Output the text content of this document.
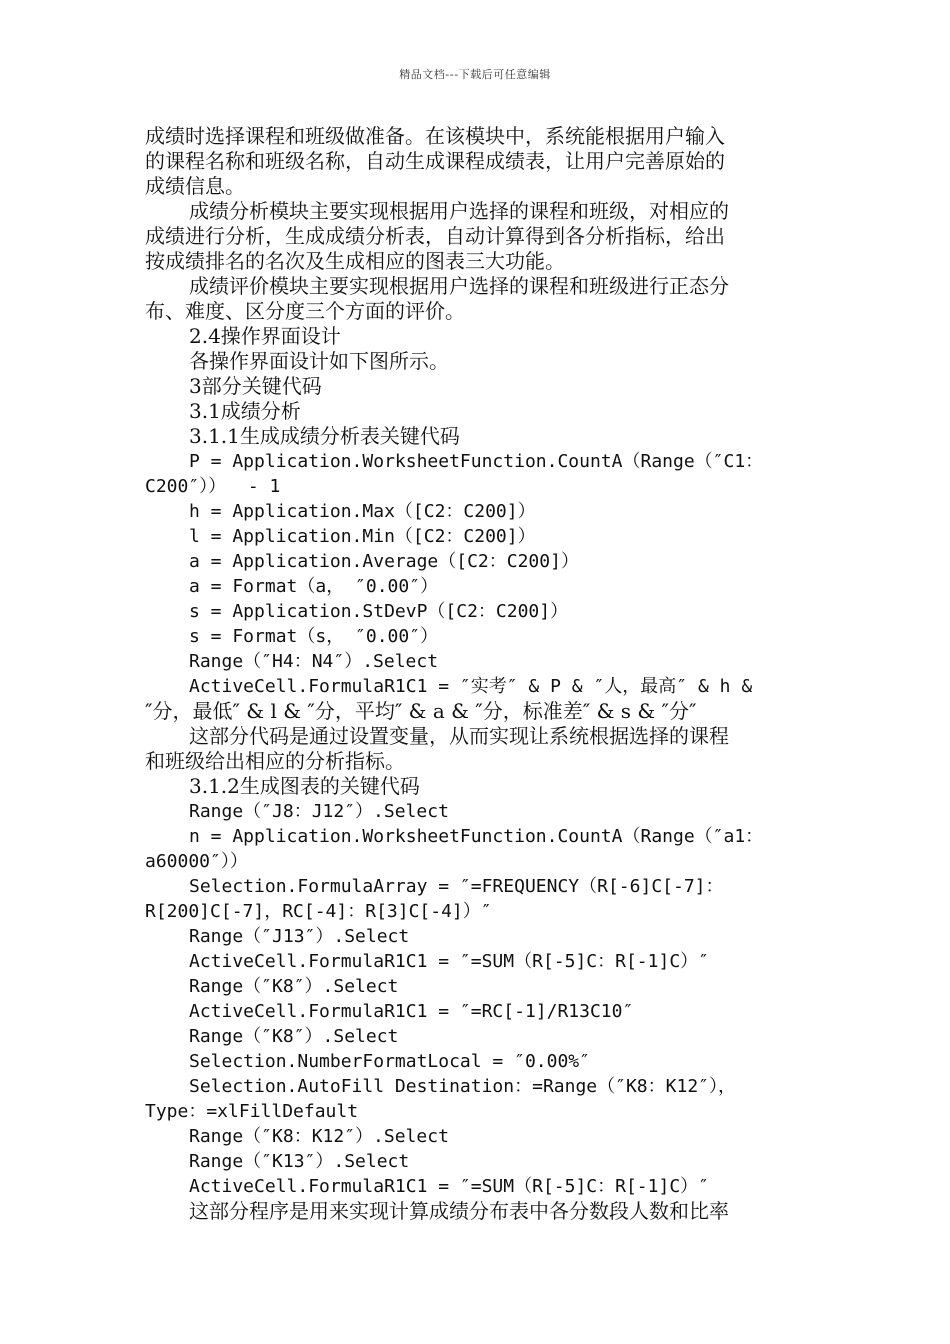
精品文档---下载后可任意编辑
成绩时选择课程和班级做准备。在该模块中，系统能根据用户输入
的课程名称和班级名称，自动生成课程成绩表，让用户完善原始的
成绩信息。
成绩分析模块主要实现根据用户选择的课程和班级，对相应的
成绩进行分析，生成成绩分析表，自动计算得到各分析指标，给出
按成绩排名的名次及生成相应的图表三大功能。
成绩评价模块主要实现根据用户选择的课程和班级进行正态分
布、难度、区分度三个方面的评价。
2.4操作界面设计
各操作界面设计如下图所示。
3部分关键代码
3.1成绩分析
3.1.1生成成绩分析表关键代码
P = Application.WorksheetFunction.CountA（Range（″C1：
C200″））  - 1
h = Application.Max（[C2：C200]）
l = Application.Min（[C2：C200]）
a = Application.Average（[C2：C200]）
a = Format（a， ″0.00″）
s = Application.StDevP（[C2：C200]）
s = Format（s， ″0.00″）
Range（″H4：N4″）.Select
ActiveCell.FormulaR1C1 = ″实考″ & P & ″人，最高″ & h &
″分，最低″ & l & ″分，平均″ & a & ″分，标准差″ & s & ″分″
这部分代码是通过设置变量，从而实现让系统根据选择的课程
和班级给出相应的分析指标。
3.1.2生成图表的关键代码
Range（″J8：J12″）.Select
n = Application.WorksheetFunction.CountA（Range（″a1：
a60000″））
Selection.FormulaArray = ″=FREQUENCY（R[-6]C[-7]：
R[200]C[-7]，RC[-4]：R[3]C[-4]）″
Range（″J13″）.Select
ActiveCell.FormulaR1C1 = ″=SUM（R[-5]C：R[-1]C）″
Range（″K8″）.Select
ActiveCell.FormulaR1C1 = ″=RC[-1]/R13C10″
Range（″K8″）.Select
Selection.NumberFormatLocal = ″0.00%″
Selection.AutoFill Destination：=Range（″K8：K12″），
Type：=xlFillDefault
Range（″K8：K12″）.Select
Range（″K13″）.Select
ActiveCell.FormulaR1C1 = ″=SUM（R[-5]C：R[-1]C）″
这部分程序是用来实现计算成绩分布表中各分数段人数和比率
